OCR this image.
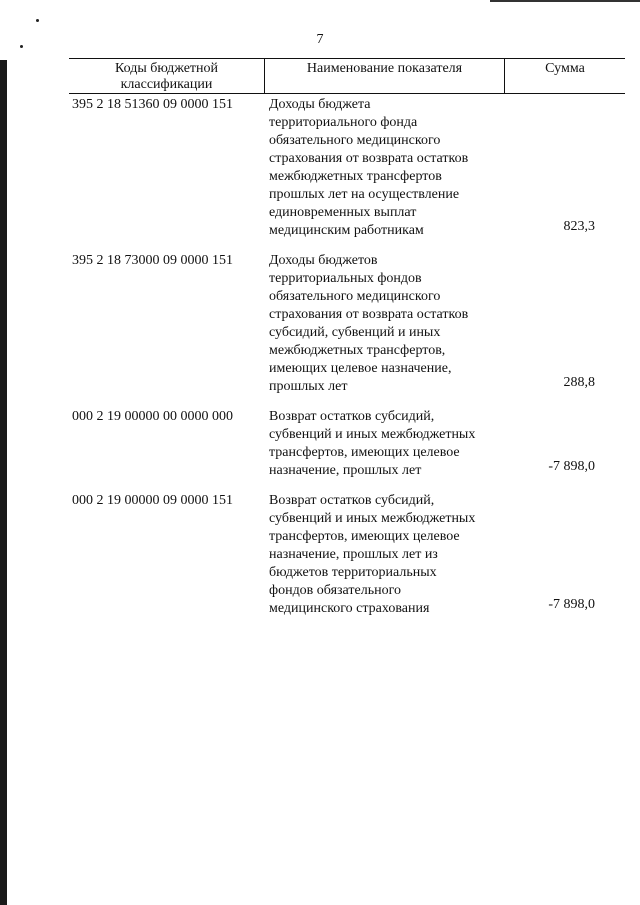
7
Коды бюджетной
классификации
Наименование показателя	Сумма
395 2 18 51360 09 0000 151	Доходы бюджета
территориального фонда
обязательного медицинского
страхования от возврата остатков
межбюджетных трансфертов
прошлых лет на осуществление
единовременных выплат
медицинским работникам	823,3
395 2 18 73000 09 0000 151	Доходы бюджетов
территориальных фондов
обязательного медицинского
страхования от возврата остатков
субсидий, субвенций и иных
межбюджетных трансфертов,
имеющих целевое назначение,
прошлых лет	288,8
000 2 19 00000 00 0000 000	Возврат остатков субсидий,
субвенций и иных межбюджетных
трансфертов, имеющих целевое
назначение, прошлых лет	-7 898,0
000 2 19 00000 09 0000 151	Возврат остатков субсидий,
субвенций и иных межбюджетных
трансфертов, имеющих целевое
назначение, прошлых лет из
бюджетов территориальных
фондов обязательного
медицинского страхования	-7 898,0
